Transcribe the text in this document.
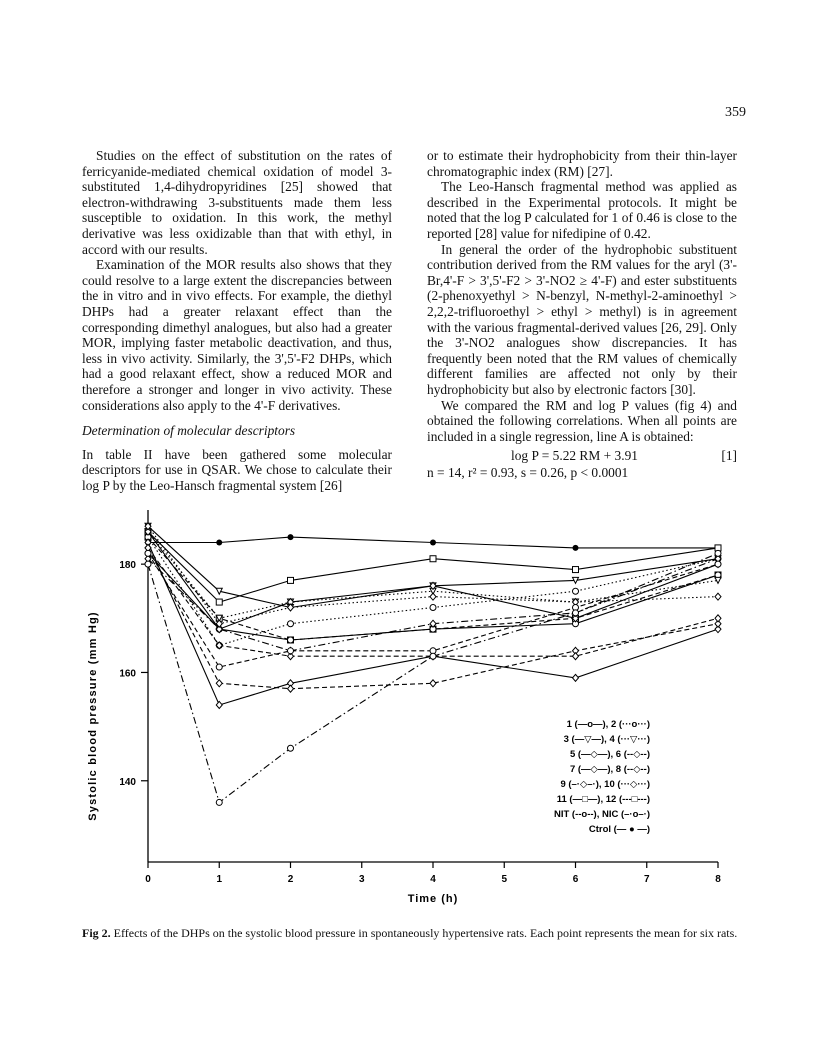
359

Studies on the effect of substitution on the rates of ferricyanide-mediated chemical oxidation of model 3-substituted 1,4-dihydropyridines [25] showed that electron-withdrawing 3-substituents made them less susceptible to oxidation. In this work, the methyl derivative was less oxidizable than that with ethyl, in accord with our results.

Examination of the MOR results also shows that they could resolve to a large extent the discrepancies between the in vitro and in vivo effects. For example, the diethyl DHPs had a greater relaxant effect than the corresponding dimethyl analogues, but also had a greater MOR, implying faster metabolic deactivation, and thus, less in vivo activity. Similarly, the 3',5'-F2 DHPs, which had a good relaxant effect, show a reduced MOR and therefore a stronger and longer in vivo activity. These considerations also apply to the 4'-F derivatives.

Determination of molecular descriptors

In table II have been gathered some molecular descriptors for use in QSAR. We chose to calculate their log P by the Leo-Hansch fragmental system [26]

or to estimate their hydrophobicity from their thin-layer chromatographic index (RM) [27].

The Leo-Hansch fragmental method was applied as described in the Experimental protocols. It might be noted that the log P calculated for 1 of 0.46 is close to the reported [28] value for nifedipine of 0.42.

In general the order of the hydrophobic substituent contribution derived from the RM values for the aryl (3'-Br,4'-F > 3',5'-F2 > 3'-NO2 ≥ 4'-F) and ester substituents (2-phenoxyethyl > N-benzyl, N-methyl-2-aminoethyl > 2,2,2-trifluoroethyl > ethyl > methyl) is in agreement with the various fragmental-derived values [26, 29]. Only the 3'-NO2 analogues show discrepancies. It has frequently been noted that the RM values of chemically different families are affected not only by their hydrophobicity but also by electronic factors [30].

We compared the RM and log P values (fig 4) and obtained the following correlations. When all points are included in a single regression, line A is obtained:

log P = 5.22 RM + 3.91	[1]
n = 14, r² = 0.93, s = 0.26, p < 0.0001
0	1	2	3	4	5	6	7	8
140
160
180
Time (h)
Systolic blood pressure (mm Hg)	1 (—o—), 2 (···o···)
3 (—▽—), 4 (···▽···)
5 (—◇—), 6 (--◇--)
7 (—◇—), 8 (--◇--)
9 (–·◇–·), 10 (···◇···)
11 (—□—), 12 (---□---)
NIT (--o--), NIC (–·o–·)
Ctrol (— ● —)
Fig 2. Effects of the DHPs on the systolic blood pressure in spontaneously hypertensive rats. Each point represents the mean for six rats.
